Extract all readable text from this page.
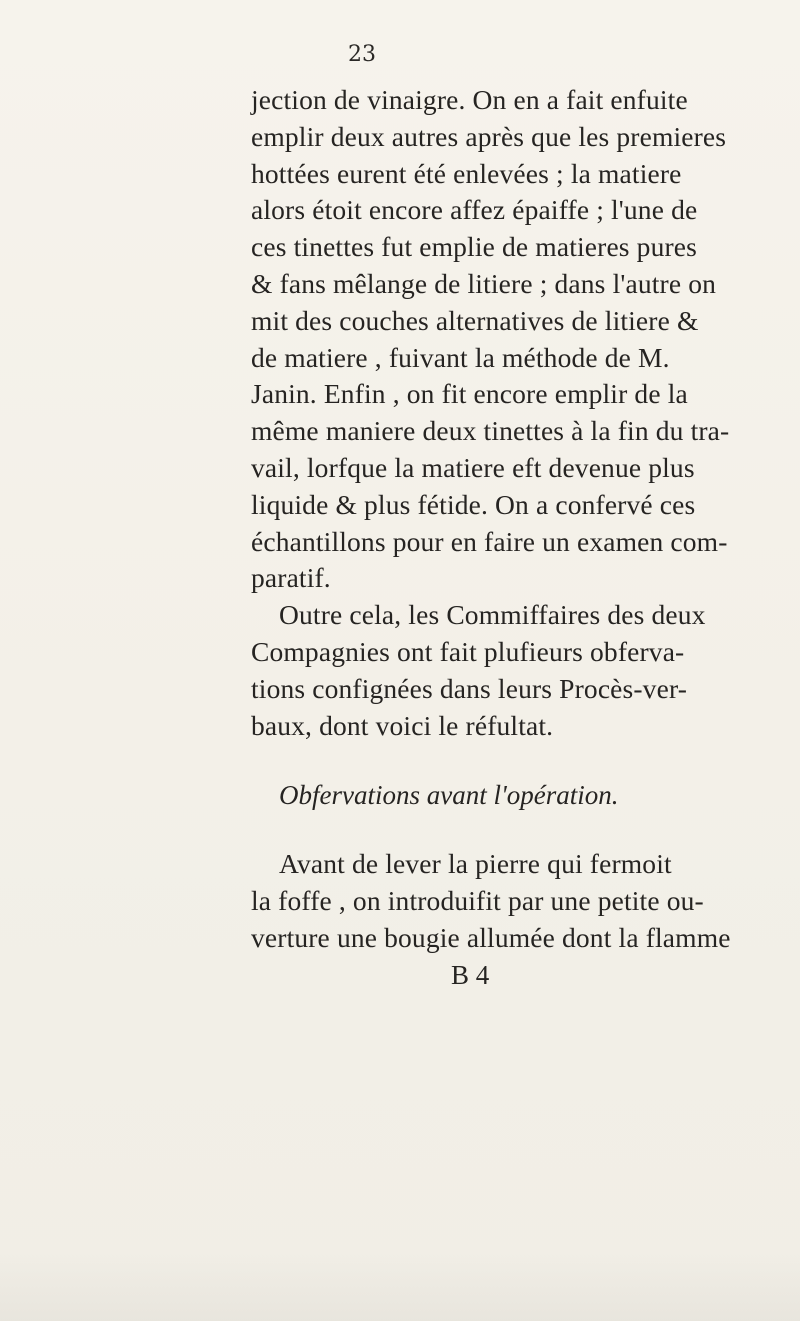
23
jection de vinaigre. On en a fait enfuite
emplir deux autres après que les premieres
hottées eurent été enlevées ; la matiere
alors étoit encore affez épaiffe ; l'une de
ces tinettes fut emplie de matieres pures
& fans mêlange de litiere ; dans l'autre on
mit des couches alternatives de litiere &
de matiere , fuivant la méthode de M.
Janin. Enfin , on fit encore emplir de la
même maniere deux tinettes à la fin du tra-
vail, lorfque la matiere eft devenue plus
liquide & plus fétide. On a confervé ces
échantillons pour en faire un examen com-
paratif.
Outre cela, les Commiffaires des deux
Compagnies ont fait plufieurs obferva-
tions confignées dans leurs Procès-ver-
baux, dont voici le réfultat.
Obfervations avant l'opération.
Avant de lever la pierre qui fermoit
la foffe , on introduifit par une petite ou-
verture une bougie allumée dont la flamme
B 4
